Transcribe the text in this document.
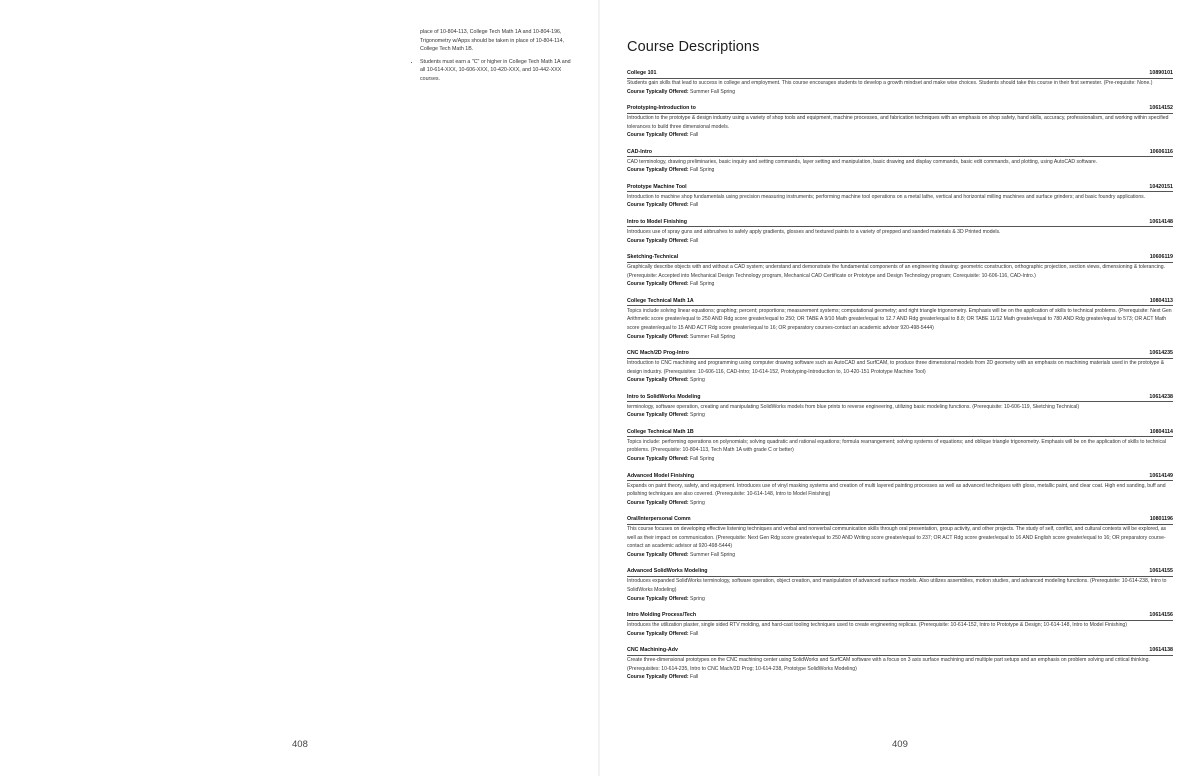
place of 10-804-113, College Tech Math 1A and 10-804-196, Trigonometry w/Apps should be taken in place of 10-804-114, College Tech Math 1B.

• Students must earn a "C" or higher in College Tech Math 1A and all 10-614-XXX, 10-606-XXX, 10-420-XXX, and 10-442-XXX courses.
408
Course Descriptions
College 101	10890101
Students gain skills that lead to success in college and employment. This course encourages students to develop a growth mindset and make wise choices. Students should take this course in their first semester. (Pre-requisite: None.)
Course Typically Offered: Summer Fall Spring
Prototyping-Introduction to	10614152
Introduction to the prototype & design industry using a variety of shop tools and equipment, machine processes, and fabrication techniques with an emphasis on shop safety, hand skills, accuracy, professionalism, and working within specified tolerances to build three dimensional models.
Course Typically Offered: Fall
CAD-Intro	10606116
CAD terminology, drawing preliminaries, basic inquiry and setting commands, layer setting and manipulation, basic drawing and display commands, basic edit commands, and plotting, using AutoCAD software.
Course Typically Offered: Fall Spring
Prototype Machine Tool	10420151
Introduction to machine shop fundamentals using precision measuring instruments; performing machine tool operations on a metal lathe, vertical and horizontal milling machines and surface grinders; and basic foundry applications.
Course Typically Offered: Fall
Intro to Model Finishing	10614148
Introduces use of spray guns and airbrushes to safely apply gradients, glosses and textured paints to a variety of prepped and sanded materials & 3D Printed models.
Course Typically Offered: Fall
Sketching-Technical	10606119
Graphically describe objects with and without a CAD system; understand and demonstrate the fundamental components of an engineering drawing: geometric construction, orthographic projection, section views, dimensioning & tolerancing. (Prerequisite: Accepted into Mechanical Design Technology program, Mechanical CAD Certificate or Prototype and Design Technology program; Corequisite: 10-606-116, CAD-Intro.)
Course Typically Offered: Fall Spring
College Technical Math 1A	10804113
Topics include solving linear equations; graphing; percent; proportions; measurement systems; computational geometry; and right triangle trigonometry. Emphasis will be on the application of skills to technical problems. (Prerequisite: Next Gen Arithmetic score greater/equal to 250 AND Rdg score greater/equal to 250; OR TABE A 9/10 Math greater/equal to 12.7 AND Rdg greater/equal to 8.8; OR TABE 11/12 Math greater/equal to 780 AND Rdg greater/equal to 573; OR ACT Math score greater/equal to 15 AND ACT Rdg score greater/equal to 16; OR preparatory courses-contact an academic advisor 920-498-5444)
Course Typically Offered: Summer Fall Spring
CNC Mach/2D Prog-Intro	10614235
Introduction to CNC machining and programming using computer drawing software such as AutoCAD and SurfCAM, to produce three dimensional models from 2D geometry with an emphasis on machining materials used in the prototype & design industry. (Prerequisites: 10-606-116, CAD-Intro; 10-614-152, Prototyping-Introduction to, 10-420-151 Prototype Machine Tool)
Course Typically Offered: Spring
Intro to SolidWorks Modeling	10614238
terminology, software operation, creating and manipulating SolidWorks models from blue prints to reverse engineering, utilizing basic modeling functions. (Prerequisite: 10-606-119, Sketching Technical)
Course Typically Offered: Spring
College Technical Math 1B	10804114
Topics include: performing operations on polynomials; solving quadratic and rational equations; formula rearrangement; solving systems of equations; and oblique triangle trigonometry. Emphasis will be on the application of skills to technical problems. (Prerequisite: 10-804-113, Tech Math 1A with grade C or better)
Course Typically Offered: Fall Spring
Advanced Model Finishing	10614149
Expands on paint theory, safety, and equipment. Introduces use of vinyl masking systems and creation of multi layered painting processes as well as advanced techniques with gloss, metallic paint, and clear coat. High end sanding, buff and polishing techniques are also covered. (Prerequisite: 10-614-148, Intro to Model Finishing)
Course Typically Offered: Spring
Oral/Interpersonal Comm	10801196
This course focuses on developing effective listening techniques and verbal and nonverbal communication skills through oral presentation, group activity, and other projects. The study of self, conflict, and cultural contexts will be explored, as well as their impact on communication. (Prerequisite: Next Gen Rdg score greater/equal to 250 AND Writing score greater/equal to 237; OR ACT Rdg score greater/equal to 16 AND English score greater/equal to 16; OR preparatory course-contact an academic advisor at 920-498-5444)
Course Typically Offered: Summer Fall Spring
Advanced SolidWorks Modeling	10614155
Introduces expanded SolidWorks terminology, software operation, object creation, and manipulation of advanced surface models. Also utilizes assemblies, motion studies, and advanced modeling functions. (Prerequisite: 10-614-238, Intro to SolidWorks Modeling)
Course Typically Offered: Spring
Intro Molding Process/Tech	10614156
Introduces the utilization plaster, single sided RTV molding, and hard-cast tooling techniques used to create engineering replicas. (Prerequisite: 10-614-152, Intro to Prototype & Design; 10-614-148, Intro to Model Finishing)
Course Typically Offered: Fall
CNC Machining-Adv	10614138
Create three-dimensional prototypes on the CNC machining center using SolidWorks and SurfCAM software with a focus on 3 axis surface machining and multiple part setups and an emphasis on problem solving and critical thinking. (Prerequisites: 10-614-235, Intro to CNC Mach/2D Prog; 10-614-238, Prototype SolidWorks Modeling)
Course Typically Offered: Fall
409
